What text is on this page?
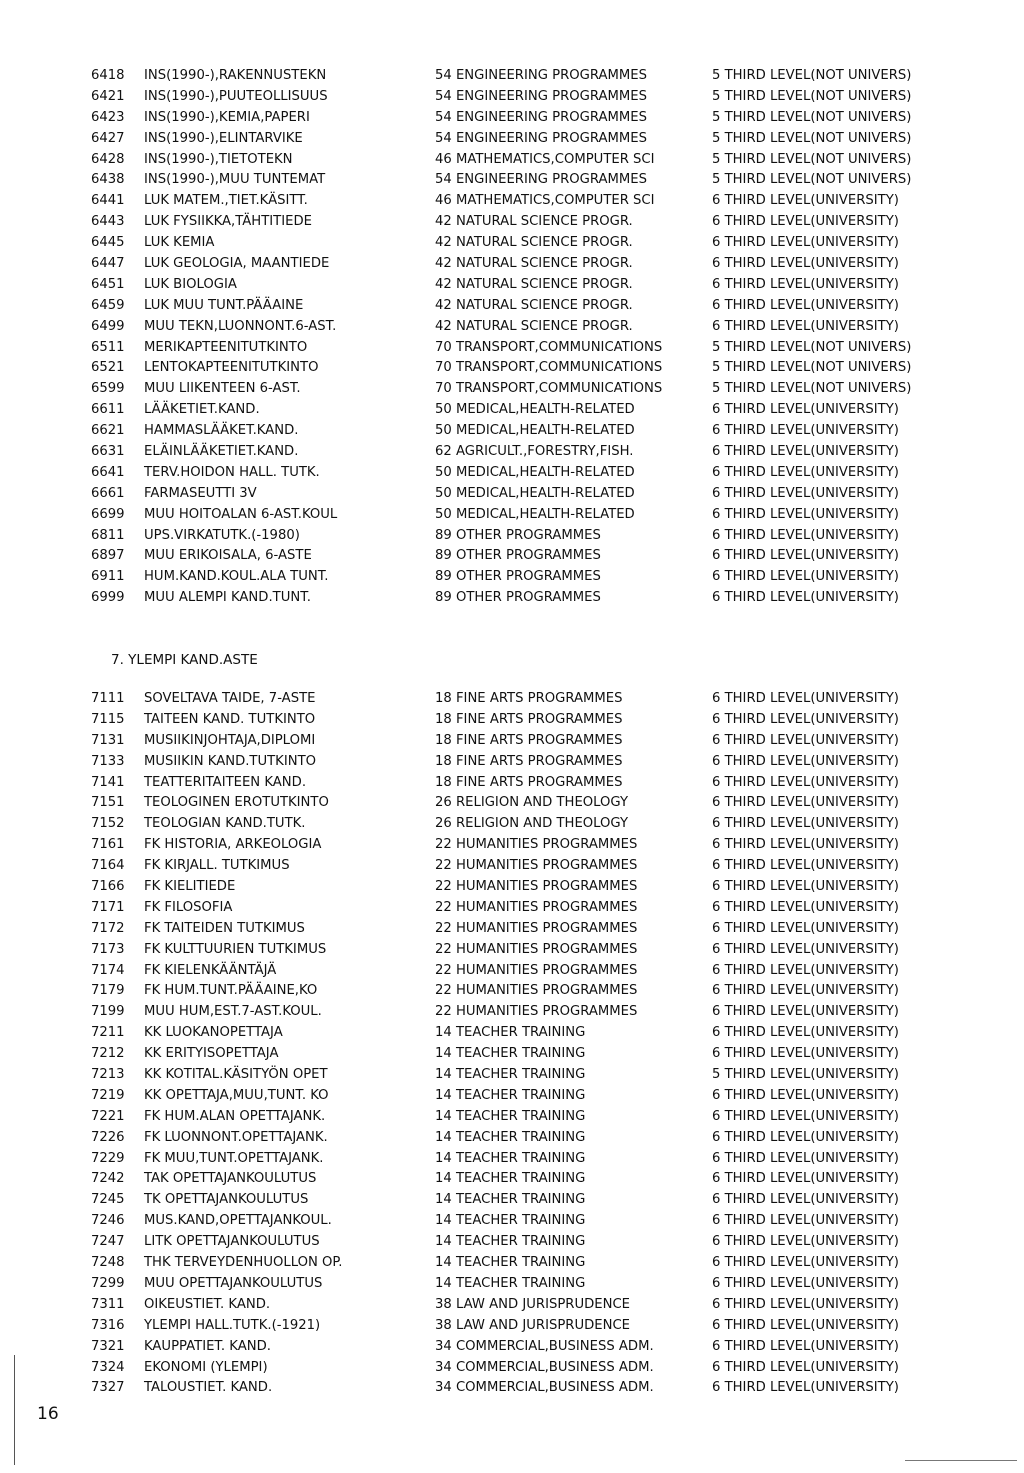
6418 INS(1990-),RAKENNUSTEKN	54 ENGINEERING PROGRAMMES	5 THIRD LEVEL(NOT UNIVERS)
6421 INS(1990-),PUUTEOLLISUUS	54 ENGINEERING PROGRAMMES	5 THIRD LEVEL(NOT UNIVERS)
6423 INS(1990-),KEMIA,PAPERI	54 ENGINEERING PROGRAMMES	5 THIRD LEVEL(NOT UNIVERS)
6427 INS(1990-),ELINTARVIKE	54 ENGINEERING PROGRAMMES	5 THIRD LEVEL(NOT UNIVERS)
6428 INS(1990-),TIETOTEKN	46 MATHEMATICS,COMPUTER SCI	5 THIRD LEVEL(NOT UNIVERS)
6438 INS(1990-),MUU TUNTEMAT	54 ENGINEERING PROGRAMMES	5 THIRD LEVEL(NOT UNIVERS)
6441 LUK MATEM.,TIET.KÄSITT.	46 MATHEMATICS,COMPUTER SCI	6 THIRD LEVEL(UNIVERSITY)
6443 LUK FYSIIKKA,TÄHTITIEDE	42 NATURAL SCIENCE PROGR.	6 THIRD LEVEL(UNIVERSITY)
6445 LUK KEMIA	42 NATURAL SCIENCE PROGR.	6 THIRD LEVEL(UNIVERSITY)
6447 LUK GEOLOGIA, MAANTIEDE	42 NATURAL SCIENCE PROGR.	6 THIRD LEVEL(UNIVERSITY)
6451 LUK BIOLOGIA	42 NATURAL SCIENCE PROGR.	6 THIRD LEVEL(UNIVERSITY)
6459 LUK MUU TUNT.PÄÄAINE	42 NATURAL SCIENCE PROGR.	6 THIRD LEVEL(UNIVERSITY)
6499 MUU TEKN,LUONNONT.6-AST.	42 NATURAL SCIENCE PROGR.	6 THIRD LEVEL(UNIVERSITY)
6511 MERIKAPTEENITUTKINTO	70 TRANSPORT,COMMUNICATIONS	5 THIRD LEVEL(NOT UNIVERS)
6521 LENTOKAPTEENITUTKINTO	70 TRANSPORT,COMMUNICATIONS	5 THIRD LEVEL(NOT UNIVERS)
6599 MUU LIIKENTEEN 6-AST.	70 TRANSPORT,COMMUNICATIONS	5 THIRD LEVEL(NOT UNIVERS)
6611 LÄÄKETIET.KAND.	50 MEDICAL,HEALTH-RELATED	6 THIRD LEVEL(UNIVERSITY)
6621 HAMMASLÄÄKET.KAND.	50 MEDICAL,HEALTH-RELATED	6 THIRD LEVEL(UNIVERSITY)
6631 ELÄINLÄÄKETIET.KAND.	62 AGRICULT.,FORESTRY,FISH.	6 THIRD LEVEL(UNIVERSITY)
6641 TERV.HOIDON HALL. TUTK.	50 MEDICAL,HEALTH-RELATED	6 THIRD LEVEL(UNIVERSITY)
6661 FARMASEUTTI 3V	50 MEDICAL,HEALTH-RELATED	6 THIRD LEVEL(UNIVERSITY)
6699 MUU HOITOALAN 6-AST.KOUL	50 MEDICAL,HEALTH-RELATED	6 THIRD LEVEL(UNIVERSITY)
6811 UPS.VIRKATUTK.(-1980)	89 OTHER PROGRAMMES	6 THIRD LEVEL(UNIVERSITY)
6897 MUU ERIKOISALA, 6-ASTE	89 OTHER PROGRAMMES	6 THIRD LEVEL(UNIVERSITY)
6911 HUM.KAND.KOUL.ALA TUNT.	89 OTHER PROGRAMMES	6 THIRD LEVEL(UNIVERSITY)
6999 MUU ALEMPI KAND.TUNT.	89 OTHER PROGRAMMES	6 THIRD LEVEL(UNIVERSITY)
7. YLEMPI KAND.ASTE
7111 SOVELTAVA TAIDE, 7-ASTE	18 FINE ARTS PROGRAMMES	6 THIRD LEVEL(UNIVERSITY)
7115 TAITEEN KAND. TUTKINTO	18 FINE ARTS PROGRAMMES	6 THIRD LEVEL(UNIVERSITY)
7131 MUSIIKINJOHTAJA,DIPLOMI	18 FINE ARTS PROGRAMMES	6 THIRD LEVEL(UNIVERSITY)
7133 MUSIIKIN KAND.TUTKINTO	18 FINE ARTS PROGRAMMES	6 THIRD LEVEL(UNIVERSITY)
7141 TEATTERITAITEEN KAND.	18 FINE ARTS PROGRAMMES	6 THIRD LEVEL(UNIVERSITY)
7151 TEOLOGINEN EROTUTKINTO	26 RELIGION AND THEOLOGY	6 THIRD LEVEL(UNIVERSITY)
7152 TEOLOGIAN KAND.TUTK.	26 RELIGION AND THEOLOGY	6 THIRD LEVEL(UNIVERSITY)
7161 FK HISTORIA, ARKEOLOGIA	22 HUMANITIES PROGRAMMES	6 THIRD LEVEL(UNIVERSITY)
7164 FK KIRJALL. TUTKIMUS	22 HUMANITIES PROGRAMMES	6 THIRD LEVEL(UNIVERSITY)
7166 FK KIELITIEDE	22 HUMANITIES PROGRAMMES	6 THIRD LEVEL(UNIVERSITY)
7171 FK FILOSOFIA	22 HUMANITIES PROGRAMMES	6 THIRD LEVEL(UNIVERSITY)
7172 FK TAITEIDEN TUTKIMUS	22 HUMANITIES PROGRAMMES	6 THIRD LEVEL(UNIVERSITY)
7173 FK KULTTUURIEN TUTKIMUS	22 HUMANITIES PROGRAMMES	6 THIRD LEVEL(UNIVERSITY)
7174 FK KIELENKÄÄNTÄJÄ	22 HUMANITIES PROGRAMMES	6 THIRD LEVEL(UNIVERSITY)
7179 FK HUM.TUNT.PÄÄAINE,KO	22 HUMANITIES PROGRAMMES	6 THIRD LEVEL(UNIVERSITY)
7199 MUU HUM,EST.7-AST.KOUL.	22 HUMANITIES PROGRAMMES	6 THIRD LEVEL(UNIVERSITY)
7211 KK LUOKANOPETTAJA	14 TEACHER TRAINING	6 THIRD LEVEL(UNIVERSITY)
7212 KK ERITYISOPETTAJA	14 TEACHER TRAINING	6 THIRD LEVEL(UNIVERSITY)
7213 KK KOTITAL.KÄSITYÖN OPET	14 TEACHER TRAINING	5 THIRD LEVEL(UNIVERSITY)
7219 KK OPETTAJA,MUU,TUNT. KO	14 TEACHER TRAINING	6 THIRD LEVEL(UNIVERSITY)
7221 FK HUM.ALAN OPETTAJANK.	14 TEACHER TRAINING	6 THIRD LEVEL(UNIVERSITY)
7226 FK LUONNONT.OPETTAJANK.	14 TEACHER TRAINING	6 THIRD LEVEL(UNIVERSITY)
7229 FK MUU,TUNT.OPETTAJANK.	14 TEACHER TRAINING	6 THIRD LEVEL(UNIVERSITY)
7242 TAK OPETTAJANKOULUTUS	14 TEACHER TRAINING	6 THIRD LEVEL(UNIVERSITY)
7245 TK OPETTAJANKOULUTUS	14 TEACHER TRAINING	6 THIRD LEVEL(UNIVERSITY)
7246 MUS.KAND,OPETTAJANKOUL.	14 TEACHER TRAINING	6 THIRD LEVEL(UNIVERSITY)
7247 LITK OPETTAJANKOULUTUS	14 TEACHER TRAINING	6 THIRD LEVEL(UNIVERSITY)
7248 THK TERVEYDENHUOLLON OP.	14 TEACHER TRAINING	6 THIRD LEVEL(UNIVERSITY)
7299 MUU OPETTAJANKOULUTUS	14 TEACHER TRAINING	6 THIRD LEVEL(UNIVERSITY)
7311 OIKEUSTIET. KAND.	38 LAW AND JURISPRUDENCE	6 THIRD LEVEL(UNIVERSITY)
7316 YLEMPI HALL.TUTK.(-1921)	38 LAW AND JURISPRUDENCE	6 THIRD LEVEL(UNIVERSITY)
7321 KAUPPATIET. KAND.	34 COMMERCIAL,BUSINESS ADM.	6 THIRD LEVEL(UNIVERSITY)
7324 EKONOMI (YLEMPI)	34 COMMERCIAL,BUSINESS ADM.	6 THIRD LEVEL(UNIVERSITY)
7327 TALOUSTIET. KAND.	34 COMMERCIAL,BUSINESS ADM.	6 THIRD LEVEL(UNIVERSITY)
16
